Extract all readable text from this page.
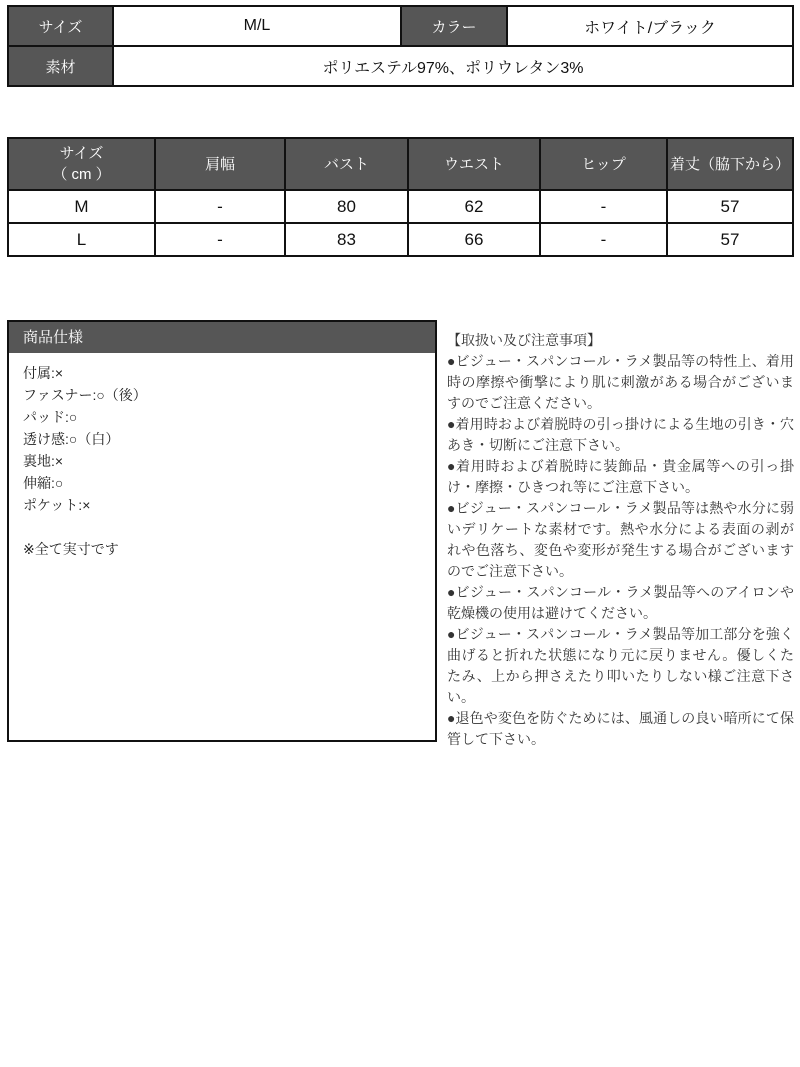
サイズ	M/L	カラー	ホワイト/ブラック
素材	ポリエステル97%、ポリウレタン3%		
サイズ
（ cm ）	肩幅	バスト	ウエスト	ヒップ	着丈（脇下から）
M	-	80	62	-	57
L	-	83	66	-	57
商品仕様

付属:×

ファスナー:○（後）

パッド:○

透け感:○（白）

裏地:×

伸縮:○

ポケット:×

※全て実寸です

【取扱い及び注意事項】

●ビジュー・スパンコール・ラメ製品等の特性上、着用時の摩擦や衝撃により肌に刺激がある場合がございますのでご注意ください。

●着用時および着脱時の引っ掛けによる生地の引き・穴あき・切断にご注意下さい。

●着用時および着脱時に装飾品・貴金属等への引っ掛け・摩擦・ひきつれ等にご注意下さい。

●ビジュー・スパンコール・ラメ製品等は熱や水分に弱いデリケートな素材です。熱や水分による表面の剥がれや色落ち、変色や変形が発生する場合がございますのでご注意下さい。

●ビジュー・スパンコール・ラメ製品等へのアイロンや乾燥機の使用は避けてください。

●ビジュー・スパンコール・ラメ製品等加工部分を強く曲げると折れた状態になり元に戻りません。優しくたたみ、上から押さえたり叩いたりしない様ご注意下さい。

●退色や変色を防ぐためには、風通しの良い暗所にて保管して下さい。
